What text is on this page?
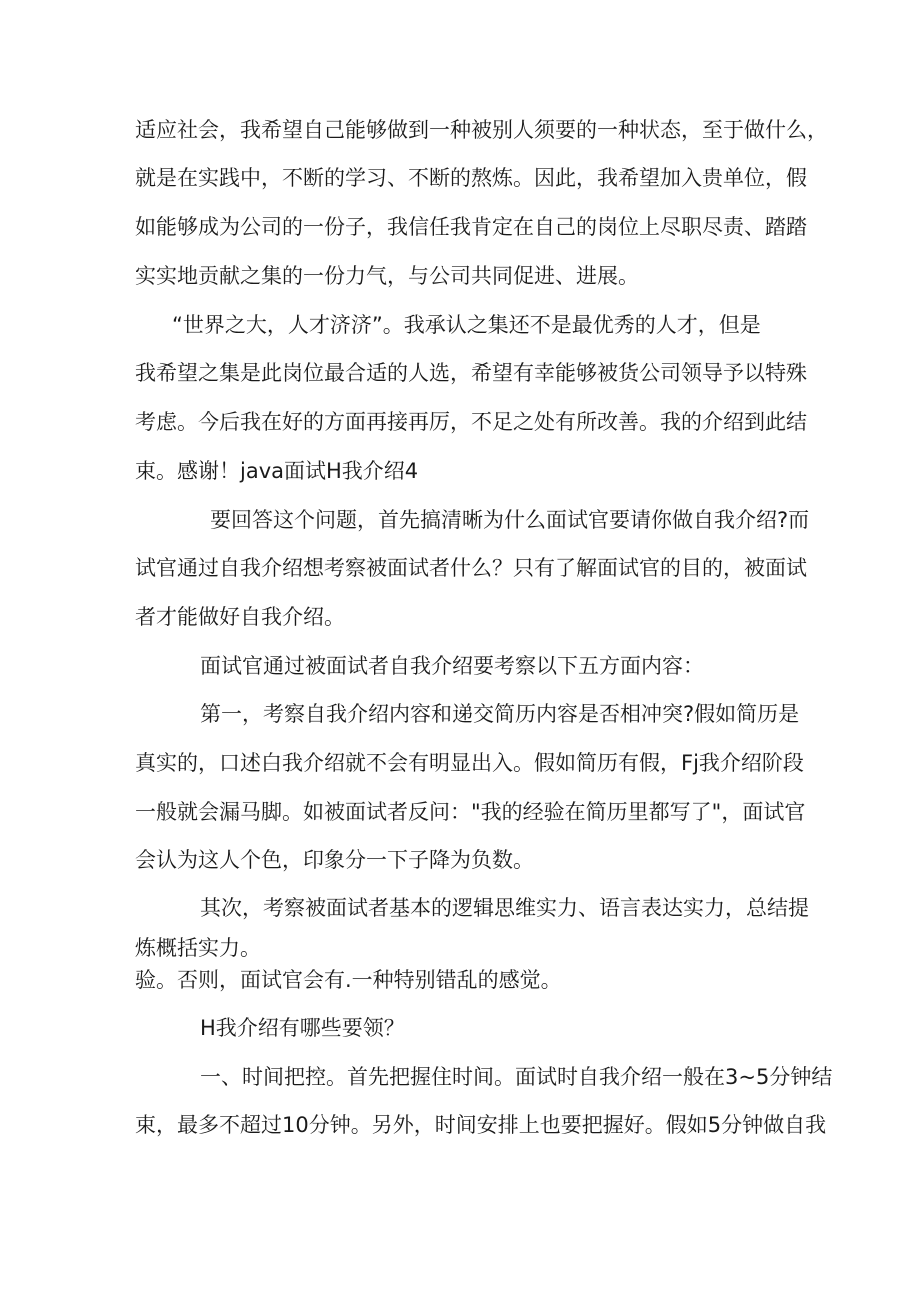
适应社会，我希望自己能够做到一种被别人须要的一种状态，至于做什么，
就是在实践中，不断的学习、不断的熬炼。因此，我希望加入贵单位，假
如能够成为公司的一份子，我信任我肯定在自己的岗位上尽职尽责、踏踏
实实地贡献之集的一份力气，与公司共同促进、进展。
“世界之大，人才济济”。我承认之集还不是最优秀的人才，但是
我希望之集是此岗位最合适的人选，希望有幸能够被货公司领导予以特殊
考虑。今后我在好的方面再接再厉，不足之处有所改善。我的介绍到此结
束。感谢！java面试H我介绍4
要回答这个问题，首先搞清晰为什么面试官要请你做自我介绍?而
试官通过自我介绍想考察被面试者什么？只有了解面试官的目的，被面试
者才能做好自我介绍。
面试官通过被面试者自我介绍要考察以下五方面内容：
第一，考察自我介绍内容和递交简历内容是否相冲突?假如简历是
真实的，口述白我介绍就不会有明显出入。假如简历有假，Fj我介绍阶段
一般就会漏马脚。如被面试者反问："我的经验在简历里都写了"，面试官
会认为这人个色，印象分一下子降为负数。
其次，考察被面试者基本的逻辑思维实力、语言表达实力，总结提
炼概括实力。
验。否则，面试官会有.一种特别错乱的感觉。
H我介绍有哪些要领？
一、时间把控。首先把握住时间。面试时自我介绍一般在3~5分钟结
束，最多不超过10分钟。另外，时间安排上也要把握好。假如5分钟做自我
